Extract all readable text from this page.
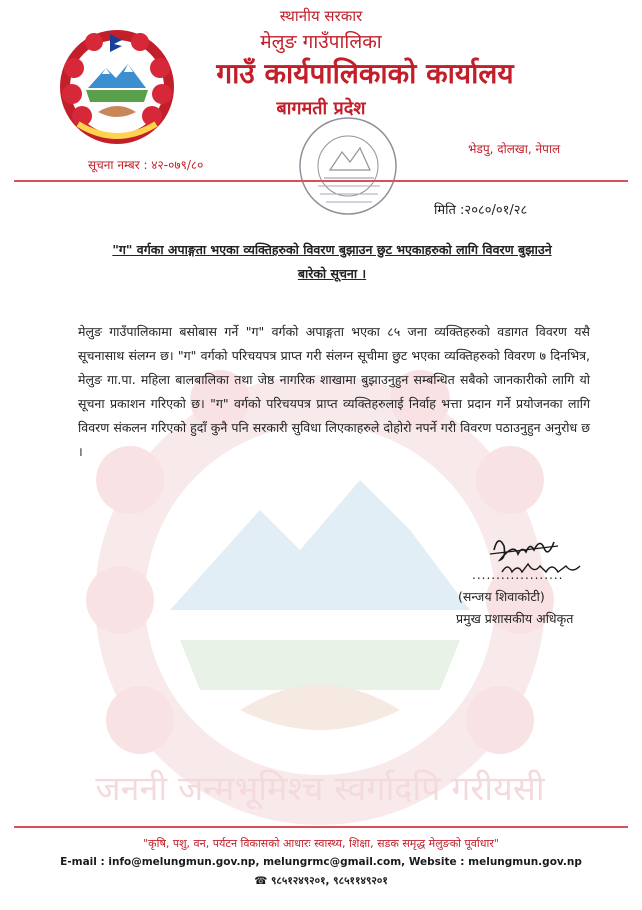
जननी जन्मभूमिश्च स्वर्गादपि गरीयसी
स्थानीय सरकार
मेलुङ गाउँपालिका
गाउँ कार्यपालिकाको कार्यालय
बागमती प्रदेश
सूचना नम्बर : ४२-०७९/८०
भेडपु, दोलखा, नेपाल
मिति :२०८०/०१/२८
"ग" वर्गका अपाङ्गता भएका व्यक्तिहरुको विवरण बुझाउन छुट भएकाहरुको लागि विवरण बुझाउने
बारेको सूचना ।
मेलुङ गाउँपालिकामा बसोबास गर्ने "ग" वर्गको अपाङ्गता भएका ८५ जना व्यक्तिहरुको वडागत विवरण यसै सूचनासाथ संलग्न छ। "ग" वर्गको परिचयपत्र प्राप्त गरी संलग्न सूचीमा छुट भएका व्यक्तिहरुको विवरण ७ दिनभित्र, मेलुङ गा.पा. महिला बालबालिका तथा जेष्ठ नागरिक शाखामा बुझाउनुहुन सम्बन्धित सबैको जानकारीको लागि यो सूचना प्रकाशन गरिएको छ। "ग" वर्गको परिचयपत्र प्राप्त व्यक्तिहरुलाई निर्वाह भत्ता प्रदान गर्ने प्रयोजनका लागि विवरण संकलन गरिएको हुदाँ कुनै पनि सरकारी सुविधा लिएकाहरुले दोहोरो नपर्ने गरी विवरण पठाउनुहुन अनुरोध छ ।
...................
(सन्जय शिवाकोटी)
प्रमुख प्रशासकीय अधिकृत
"कृषि, पशु, वन, पर्यटन विकासको आधारः स्वास्थ्य, शिक्षा, सडक समृद्ध मेलुङको पूर्वाधार"
E-mail : info@melungmun.gov.np, melungrmc@gmail.com, Website : melungmun.gov.np
☎ ९८५१२४९२०१, ९८५११४९२०१
